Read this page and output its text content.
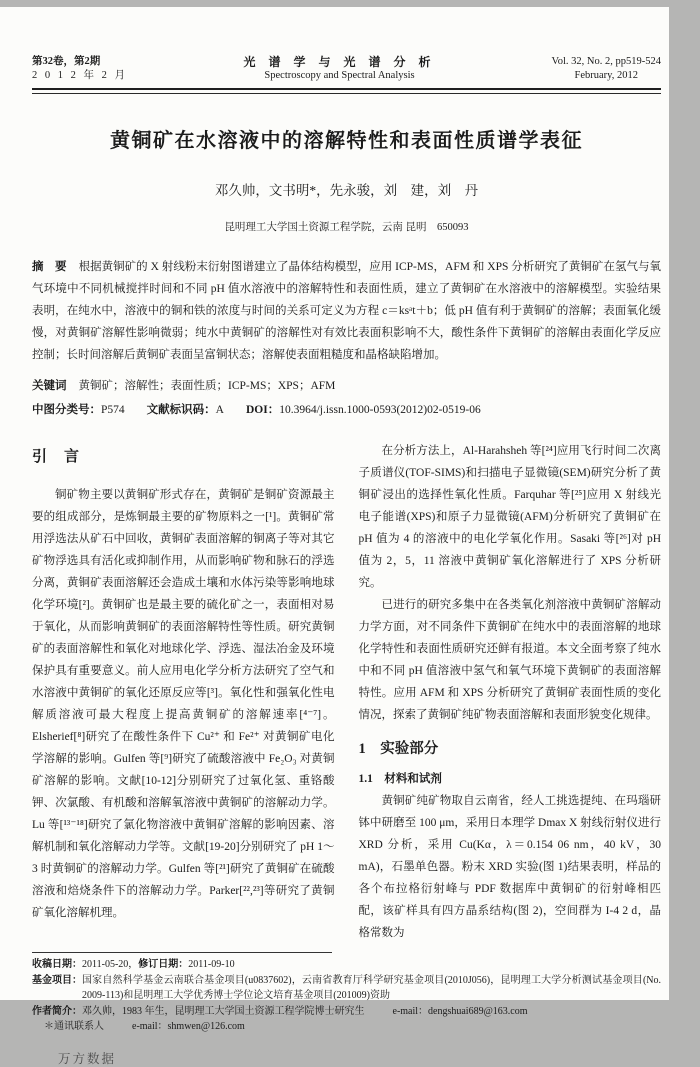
第32卷，第2期
2 0 1 2 年 2 月
光 谱 学 与 光 谱 分 析
Spectroscopy and Spectral Analysis
Vol. 32, No. 2, pp519-524
February, 2012
黄铜矿在水溶液中的溶解特性和表面性质谱学表征
邓久帅，文书明*，先永骏，刘　建，刘　丹
昆明理工大学国土资源工程学院，云南 昆明　650093
摘　要 根据黄铜矿的 X 射线粉末衍射图谱建立了晶体结构模型，应用 ICP-MS，AFM 和 XPS 分析研究了黄铜矿在氢气与氧气环境中不同机械搅拌时间和不同 pH 值水溶液中的溶解特性和表面性质，建立了黄铜矿在水溶液中的溶解模型。实验结果表明，在纯水中，溶液中的铜和铁的浓度与时间的关系可定义为方程 c＝ksᵃt＋b；低 pH 值有利于黄铜矿的溶解；表面氧化缓慢，对黄铜矿溶解性影响微弱；纯水中黄铜矿的溶解性对有效比表面积影响不大，酸性条件下黄铜矿的溶解由表面化学反应控制；长时间溶解后黄铜矿表面呈富铜状态；溶解使表面粗糙度和晶格缺陷增加。
关键词 黄铜矿；溶解性；表面性质；ICP-MS；XPS；AFM
中图分类号：P574 文献标识码：A DOI：10.3964/j.issn.1000-0593(2012)02-0519-06
引　言

铜矿物主要以黄铜矿形式存在，黄铜矿是铜矿资源最主要的组成部分，是炼铜最主要的矿物原料之一[¹]。黄铜矿常用浮选法从矿石中回收，黄铜矿表面溶解的铜离子等对其它矿物浮选具有活化或抑制作用，从而影响矿物和脉石的浮选分离，黄铜矿表面溶解还会造成土壤和水体污染等影响地球化学环境[²]。黄铜矿也是最主要的硫化矿之一，表面相对易于氧化，从而影响黄铜矿的表面溶解特性等性质。研究黄铜矿的表面溶解性和氧化对地球化学、浮选、湿法冶金及环境保护具有重要意义。前人应用电化学分析方法研究了空气和水溶液中黄铜矿的氧化还原反应等[³]。氧化性和强氧化性电解质溶液可最大程度上提高黄铜矿的溶解速率[⁴⁻⁷]。Elsherief[⁸]研究了在酸性条件下 Cu²⁺ 和 Fe²⁺ 对黄铜矿电化学溶解的影响。Gulfen 等[⁹]研究了硫酸溶液中 Fe₂O₃ 对黄铜矿溶解的影响。文献[10-12]分别研究了过氧化氢、重铬酸钾、次氯酸、有机酸和溶解氧溶液中黄铜矿的溶解动力学。Lu 等[¹³⁻¹⁸]研究了氯化物溶液中黄铜矿溶解的影响因素、溶解机制和氧化溶解动力学等。文献[19-20]分别研究了 pH 1～3 时黄铜矿的溶解动力学。Gulfen 等[²¹]研究了黄铜矿在硫酸溶液和焙烧条件下的溶解动力学。Parker[²²,²³]等研究了黄铜矿氧化溶解机理。

在分析方法上，Al-Harahsheh 等[²⁴]应用飞行时间二次离子质谱仪(TOF-SIMS)和扫描电子显微镜(SEM)研究分析了黄铜矿浸出的选择性氧化性质。Farquhar 等[²⁵]应用 X 射线光电子能谱(XPS)和原子力显微镜(AFM)分析研究了黄铜矿在 pH 值为 4 的溶液中的电化学氧化作用。Sasaki 等[²⁶]对 pH 值为 2，5，11 溶液中黄铜矿氧化溶解进行了 XPS 分析研究。

已进行的研究多集中在各类氧化剂溶液中黄铜矿溶解动力学方面，对不同条件下黄铜矿在纯水中的表面溶解的地球化学特性和表面性质研究还鲜有报道。本文全面考察了纯水中和不同 pH 值溶液中氢气和氧气环境下黄铜矿的表面溶解特性。应用 AFM 和 XPS 分析研究了黄铜矿表面性质的变化情况，探索了黄铜矿纯矿物表面溶解和表面形貌变化规律。

1　实验部分
1.1　材料和试剂

黄铜矿纯矿物取自云南省，经人工挑选提纯、在玛瑙研钵中研磨至 100 μm，采用日本理学 Dmax X 射线衍射仪进行 XRD 分析，采用 Cu(Kα，λ＝0.154 06 nm，40 kV，30 mA)，石墨单色器。粉末 XRD 实验(图 1)结果表明，样品的各个布拉格衍射峰与 PDF 数据库中黄铜矿的衍射峰相匹配，该矿样具有四方晶系结构(图 2)，空间群为 I-4 2 d，晶格常数为

收稿日期： 2011-05-20， 修订日期： 2011-09-10
基金项目： 国家自然科学基金云南联合基金项目(u0837602)，云南省教育厅科学研究基金项目(2010J056)，昆明理工大学分析测试基金项目(No. 2009-113)和昆明理工大学优秀博士学位论文培育基金项目(201009)资助
作者简介： 邓久帅，1983 年生，昆明理工大学国土资源工程学院博士研究生	e-mail：dengshuai689@163.com
＊通讯联系人	e-mail：shmwen@126.com
万方数据
